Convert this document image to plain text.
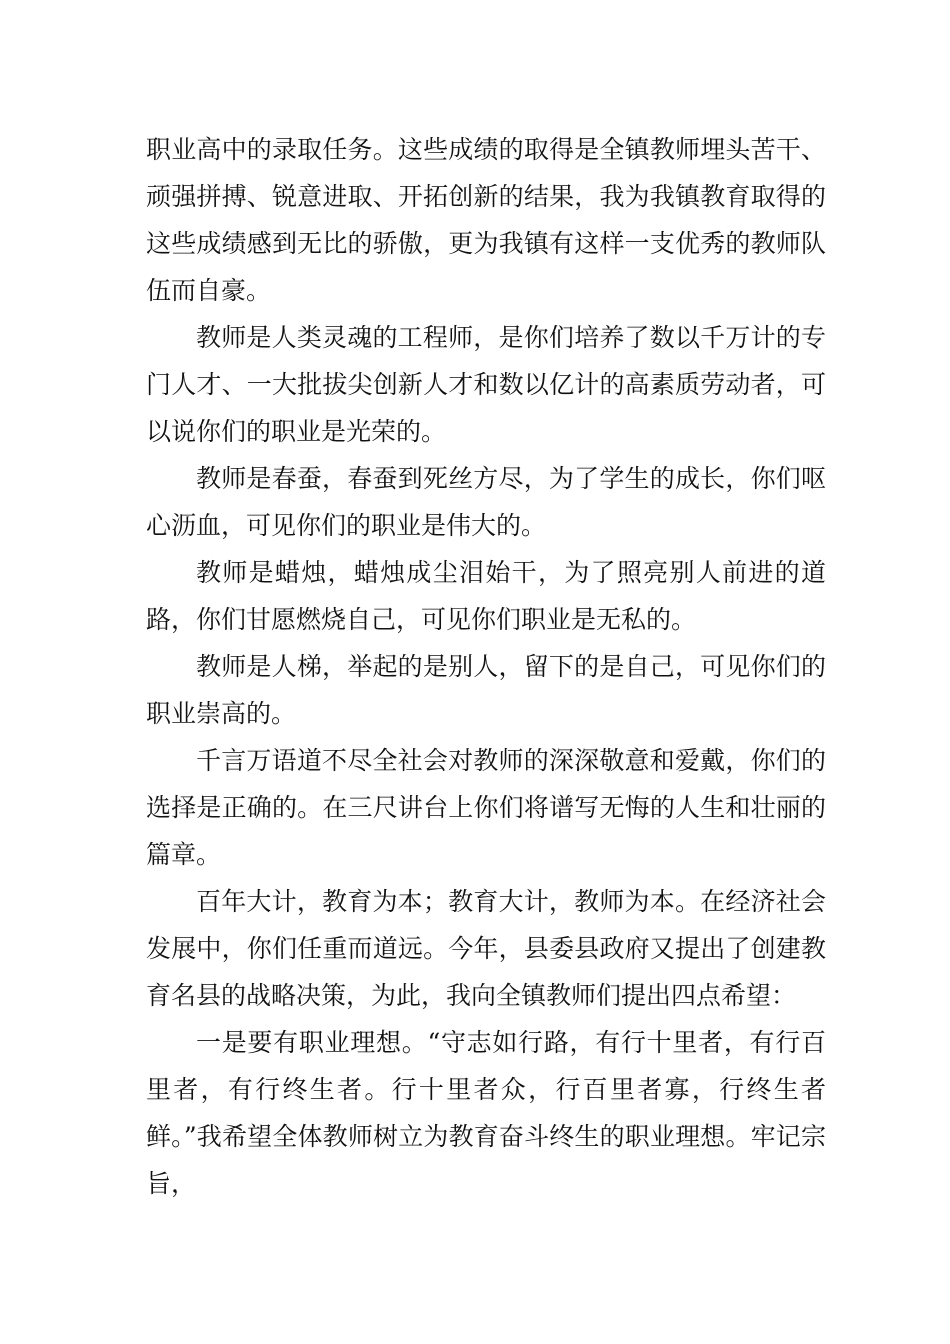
职业高中的录取任务。这些成绩的取得是全镇教师埋头苦干、顽强拼搏、锐意进取、开拓创新的结果，我为我镇教育取得的这些成绩感到无比的骄傲，更为我镇有这样一支优秀的教师队伍而自豪。

教师是人类灵魂的工程师，是你们培养了数以千万计的专门人才、一大批拔尖创新人才和数以亿计的高素质劳动者，可以说你们的职业是光荣的。

教师是春蚕，春蚕到死丝方尽，为了学生的成长，你们呕心沥血，可见你们的职业是伟大的。

教师是蜡烛，蜡烛成尘泪始干，为了照亮别人前进的道路，你们甘愿燃烧自己，可见你们职业是无私的。

教师是人梯，举起的是别人，留下的是自己，可见你们的职业崇高的。

千言万语道不尽全社会对教师的深深敬意和爱戴，你们的选择是正确的。在三尺讲台上你们将谱写无悔的人生和壮丽的篇章。

百年大计，教育为本；教育大计，教师为本。在经济社会发展中，你们任重而道远。今年，县委县政府又提出了创建教育名县的战略决策，为此，我向全镇教师们提出四点希望：

一是要有职业理想。“守志如行路，有行十里者，有行百里者，有行终生者。行十里者众，行百里者寡，行终生者鲜。”我希望全体教师树立为教育奋斗终生的职业理想。牢记宗旨，
